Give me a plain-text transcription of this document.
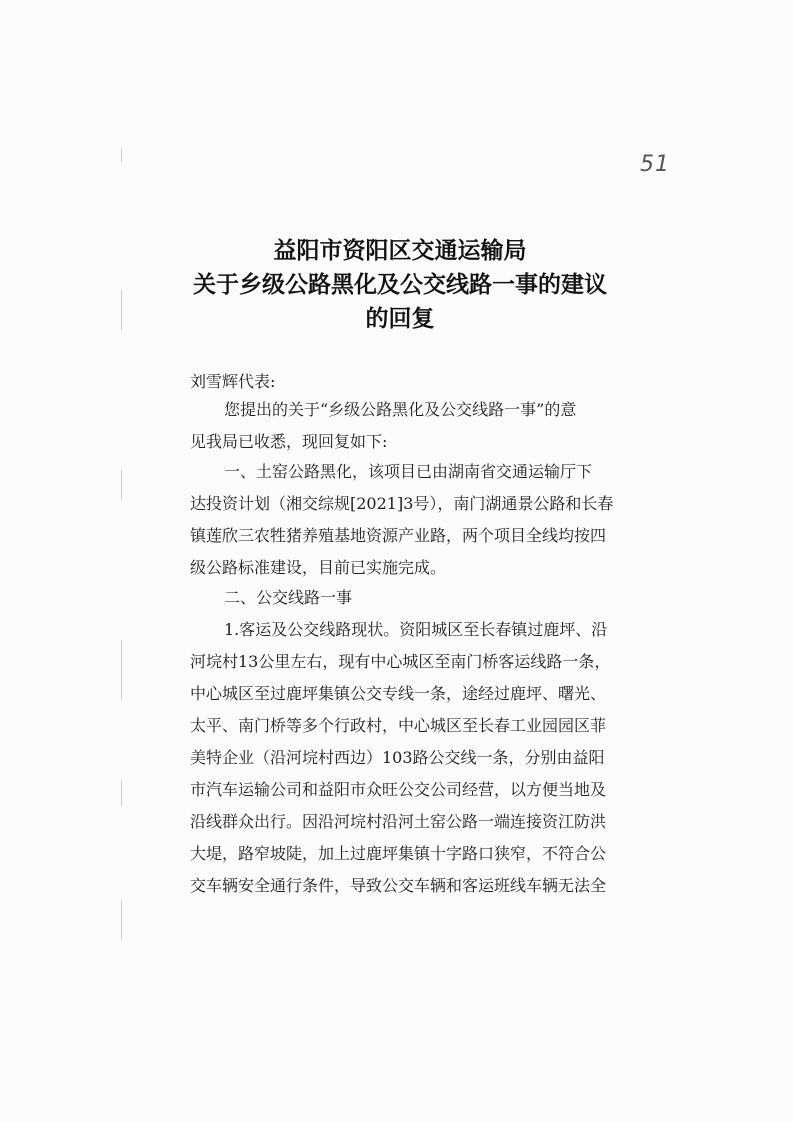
51
益阳市资阳区交通运输局
关于乡级公路黑化及公交线路一事的建议
的回复
刘雪辉代表:
您提出的关于“乡级公路黑化及公交线路一事”的意
见我局已收悉，现回复如下:
一、土窑公路黑化，该项目已由湖南省交通运输厅下
达投资计划（湘交综规[2021]3号），南门湖通景公路和长春
镇莲欣三农牲猪养殖基地资源产业路，两个项目全线均按四
级公路标准建设，目前已实施完成。
二、公交线路一事
1.客运及公交线路现状。资阳城区至长春镇过鹿坪、沿
河垸村13公里左右，现有中心城区至南门桥客运线路一条，
中心城区至过鹿坪集镇公交专线一条，途经过鹿坪、曙光、
太平、南门桥等多个行政村，中心城区至长春工业园园区菲
美特企业（沿河垸村西边）103路公交线一条，分别由益阳
市汽车运输公司和益阳市众旺公交公司经营，以方便当地及
沿线群众出行。因沿河垸村沿河土窑公路一端连接资江防洪
大堤，路窄坡陡，加上过鹿坪集镇十字路口狭窄，不符合公
交车辆安全通行条件，导致公交车辆和客运班线车辆无法全
